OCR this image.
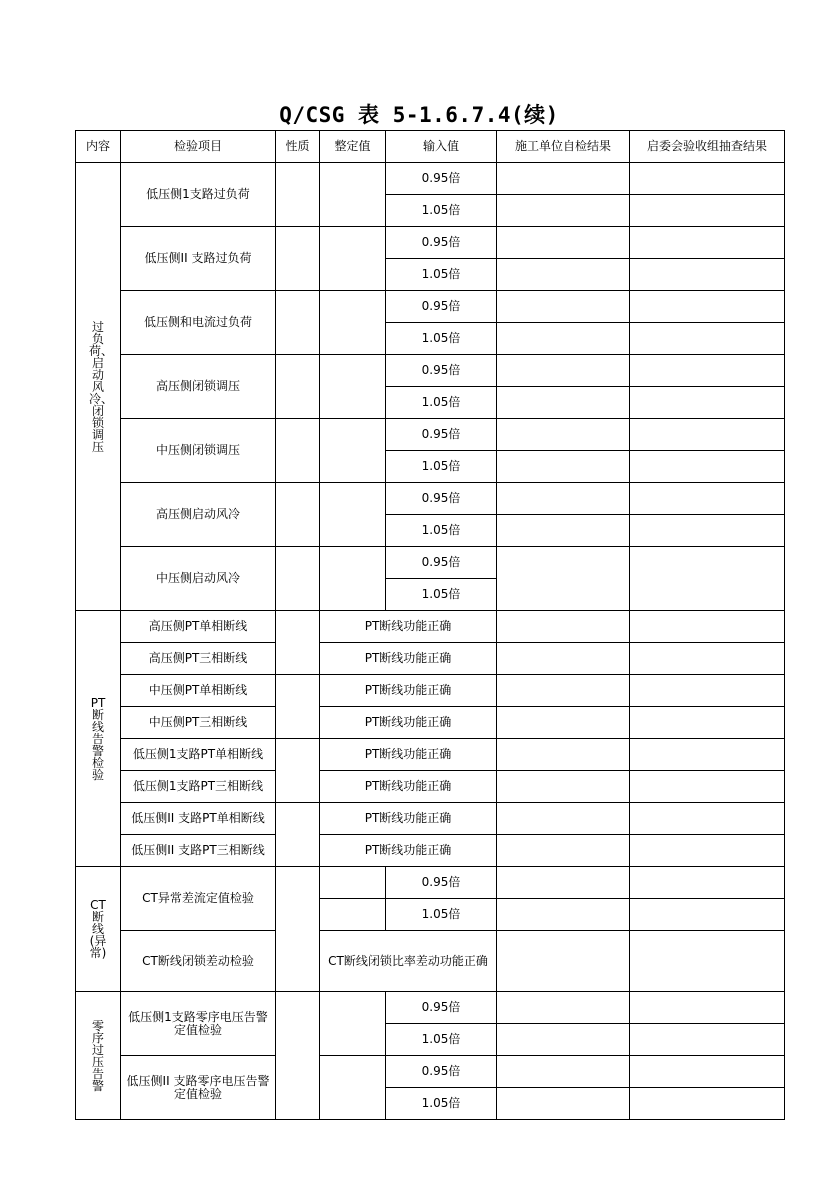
Q/CSG 表 5-1.6.7.4(续)
内容	检验项目	性质	整定值	输入值	施工单位自检结果	启委会验收组抽查结果
过负荷、启动风冷、闭锁调压	低压侧1支路过负荷			0.95倍		
				1.05倍		
	低压侧II 支路过负荷			0.95倍		
				1.05倍		
	低压侧和电流过负荷			0.95倍		
				1.05倍		
	高压侧闭锁调压			0.95倍		
				1.05倍		
	中压侧闭锁调压			0.95倍		
				1.05倍		
	高压侧启动风冷			0.95倍		
				1.05倍		
	中压侧启动风冷			0.95倍		
				1.05倍		
PT断线告警检验	高压侧PT单相断线		PT断线功能正确			
	高压侧PT三相断线		PT断线功能正确			
	中压侧PT单相断线		PT断线功能正确			
	中压侧PT三相断线		PT断线功能正确			
	低压侧1支路PT单相断线		PT断线功能正确			
	低压侧1支路PT三相断线		PT断线功能正确			
	低压侧II 支路PT单相断线		PT断线功能正确			
	低压侧II 支路PT三相断线		PT断线功能正确			
CT断线(异常)	CT异常差流定值检验			0.95倍		
				1.05倍		
	CT断线闭锁差动检验		CT断线闭锁比率差动功能正确			
零序过压告警	低压侧1支路零序电压告警定值检验			0.95倍		
				1.05倍		
	低压侧II 支路零序电压告警定值检验			0.95倍		
				1.05倍		
